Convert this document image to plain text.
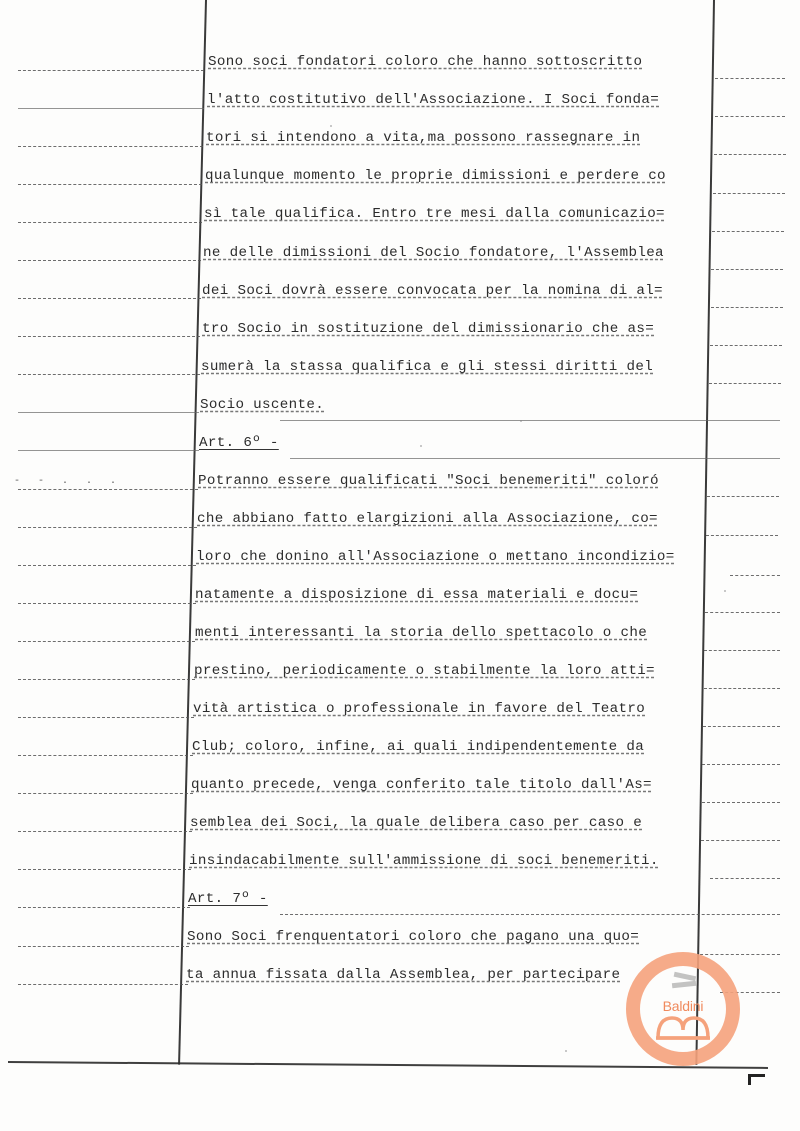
Sono soci fondatori coloro che hanno sottoscritto
l'atto costitutivo dell'Associazione. I Soci fonda=
tori si intendono a vita,ma possono rassegnare in
qualunque momento le proprie dimissioni e perdere co
sì tale qualifica. Entro tre mesi dalla comunicazio=
ne delle dimissioni del Socio fondatore, l'Assemblea
dei Soci dovrà essere convocata per la nomina di al=
tro Socio in sostituzione del dimissionario che as=
sumerà la stassa qualifica e gli stessi diritti del
Socio uscente.
Art. 6º -
Potranno essere qualificati "Soci benemeriti" coloró
che abbiano fatto elargizioni alla Associazione, co=
loro che donino all'Associazione o mettano incondizio=
natamente a disposizione di essa materiali e docu=
menti interessanti la storia dello spettacolo o che
prestino, periodicamente o stabilmente la loro atti=
vità artistica o professionale in favore del Teatro
Club; coloro, infine, ai quali indipendentemente da
quanto precede, venga conferito tale titolo dall'As=
semblea dei Soci, la quale delibera caso per caso e
insindacabilmente sull'ammissione di soci benemeriti.
Art. 7º -
Sono Soci frenquentatori coloro che pagano una quo=
ta annua fissata dalla Assemblea, per partecipare
- - . . .
Baldini
